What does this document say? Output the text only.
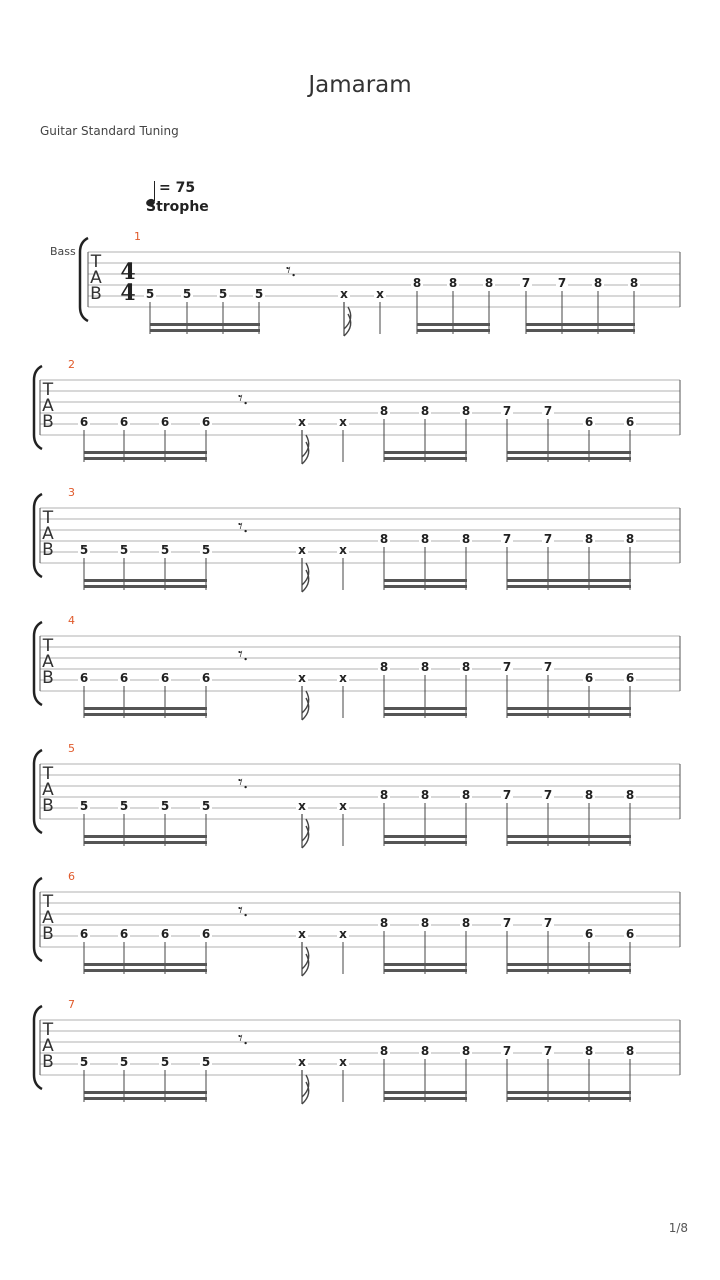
Jamaram
Guitar Standard Tuning
= 75
Strophe
1
T
A
B
Bass
4
4
𝄾.
5 5 5 5	x x
8 8 8 7 7 8 8
2
T
A
B
𝄾.
6	6	6	6	x	x
8	8	8	7	7
6	6
3
T
A
B
𝄾.
5	5	5	5	x	x
8	8	8	7	7	8	8
4
T
A
B
𝄾.
6	6	6	6	x	x
8	8	8	7	7
6	6
5
T
A
B
𝄾.
5	5	5	5	x	x
8	8	8	7	7	8	8
6
T
A
B
𝄾.
6	6	6	6	x	x
8	8	8	7	7
6	6
7
T
A
B
𝄾.
5	5	5	5	x	x
8	8	8	7	7	8	8
1/8
